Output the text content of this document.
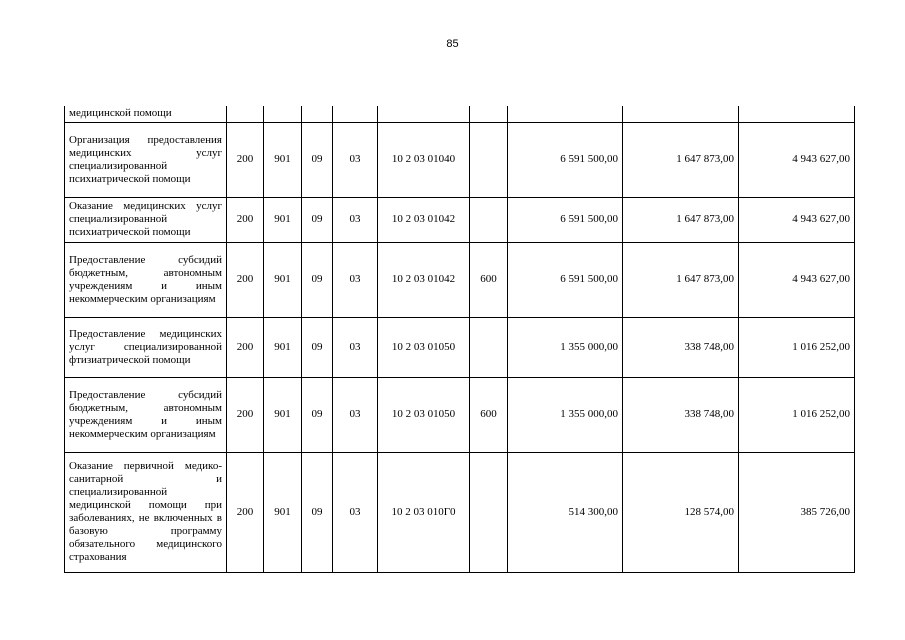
85
медицинской помощи									
Организация предоставления медицинских услуг специализированной психиатрической помощи	200	901	09	03	10 2 03 01040		6 591 500,00	1 647 873,00	4 943 627,00
Оказание медицинских услуг специализированной психиатрической помощи	200	901	09	03	10 2 03 01042		6 591 500,00	1 647 873,00	4 943 627,00
Предоставление субсидий бюджетным, автономным учреждениям и иным некоммерческим организациям	200	901	09	03	10 2 03 01042	600	6 591 500,00	1 647 873,00	4 943 627,00
Предоставление медицинских услуг специализированной фтизиатрической помощи	200	901	09	03	10 2 03 01050		1 355 000,00	338 748,00	1 016 252,00
Предоставление субсидий бюджетным, автономным учреждениям и иным некоммерческим организациям	200	901	09	03	10 2 03 01050	600	1 355 000,00	338 748,00	1 016 252,00
Оказание первичной медико-санитарной и специализированной медицинской помощи при заболеваниях, не включенных в базовую программу обязательного медицинского страхования	200	901	09	03	10 2 03 010Г0		514 300,00	128 574,00	385 726,00
